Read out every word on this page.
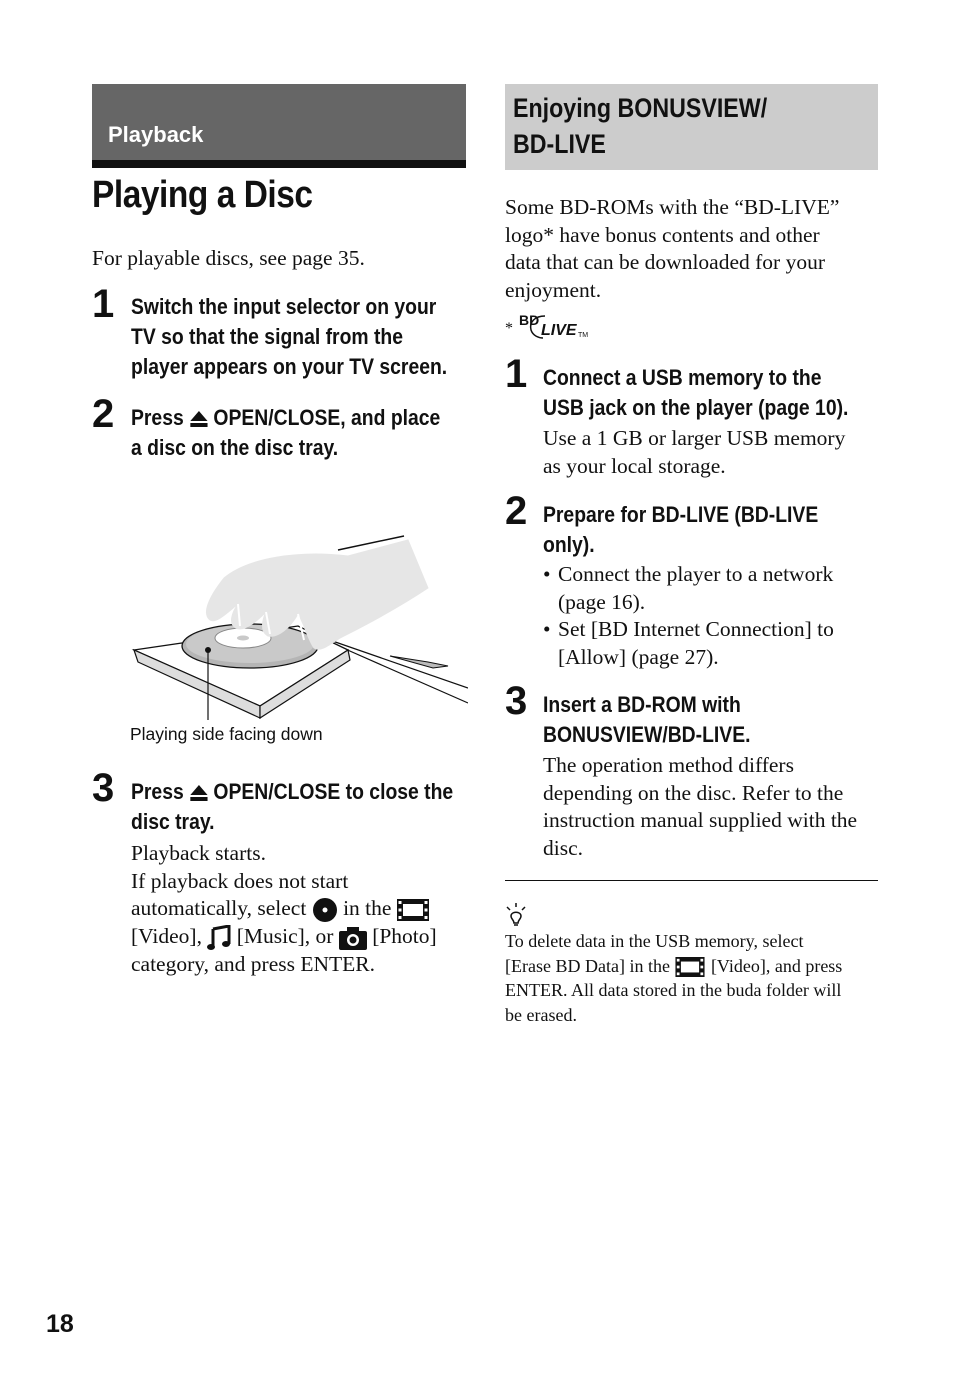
Playback
Playing a Disc
For playable discs, see page 35.
1 Switch the input selector on your
TV so that the signal from the
player appears on your TV screen.
2 Press OPEN/CLOSE, and place
a disc on the disc tray.
Playing side facing down
3 Press OPEN/CLOSE to close the
disc tray.
Playback starts.
If playback does not start
automatically, select in the
[Video], [Music], or [Photo]
category, and press ENTER.
Enjoying BONUSVIEW/
BD-LIVE
Some BD-ROMs with the “BD-LIVE”
logo* have bonus contents and other
data that can be downloaded for your
enjoyment.
* BD
LIVE TM
1 Connect a USB memory to the
USB jack on the player (page 10).
Use a 1 GB or larger USB memory
as your local storage.
2 Prepare for BD-LIVE (BD-LIVE
only).
• Connect the player to a network
(page 16).
• Set [BD Internet Connection] to
[Allow] (page 27).
3 Insert a BD-ROM with
BONUSVIEW/BD-LIVE.
The operation method differs
depending on the disc. Refer to the
instruction manual supplied with the
disc.
To delete data in the USB memory, select
[Erase BD Data] in the [Video], and press
ENTER. All data stored in the buda folder will
be erased.
18
